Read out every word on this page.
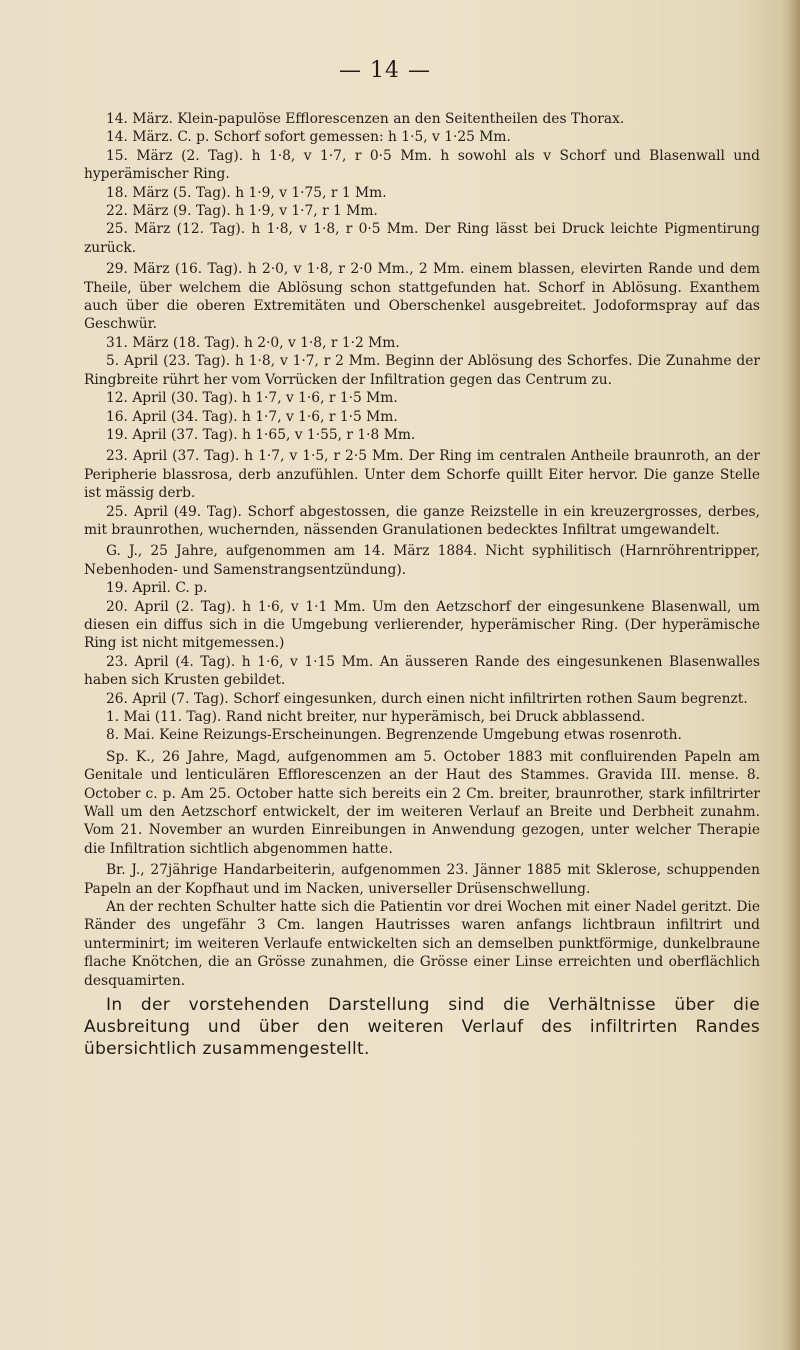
— 14 —

14. März. Klein-papulöse Efflorescenzen an den Seitentheilen des Thorax.

14. März. C. p. Schorf sofort gemessen: h 1·5, v 1·25 Mm.

15. März (2. Tag). h 1·8, v 1·7, r 0·5 Mm. h sowohl als v Schorf und Blasenwall und hyperämischer Ring.

18. März (5. Tag). h 1·9, v 1·75, r 1 Mm.

22. März (9. Tag). h 1·9, v 1·7, r 1 Mm.

25. März (12. Tag). h 1·8, v 1·8, r 0·5 Mm. Der Ring lässt bei Druck leichte Pigmentirung zurück.

29. März (16. Tag). h 2·0, v 1·8, r 2·0 Mm., 2 Mm. einem blassen, elevirten Rande und dem Theile, über welchem die Ablösung schon stattgefunden hat. Schorf in Ablösung. Exanthem auch über die oberen Extremitäten und Oberschenkel ausgebreitet. Jodoformspray auf das Geschwür.

31. März (18. Tag). h 2·0, v 1·8, r 1·2 Mm.

5. April (23. Tag). h 1·8, v 1·7, r 2 Mm. Beginn der Ablösung des Schorfes. Die Zunahme der Ringbreite rührt her vom Vorrücken der Infiltration gegen das Centrum zu.

12. April (30. Tag). h 1·7, v 1·6, r 1·5 Mm.

16. April (34. Tag). h 1·7, v 1·6, r 1·5 Mm.

19. April (37. Tag). h 1·65, v 1·55, r 1·8 Mm.

23. April (37. Tag). h 1·7, v 1·5, r 2·5 Mm. Der Ring im centralen Antheile braunroth, an der Peripherie blassrosa, derb anzufühlen. Unter dem Schorfe quillt Eiter hervor. Die ganze Stelle ist mässig derb.

25. April (49. Tag). Schorf abgestossen, die ganze Reizstelle in ein kreuzergrosses, derbes, mit braunrothen, wuchernden, nässenden Granulationen bedecktes Infiltrat umgewandelt.

G. J., 25 Jahre, aufgenommen am 14. März 1884. Nicht syphilitisch (Harnröhrentripper, Nebenhoden- und Samenstrangsentzündung).

19. April. C. p.

20. April (2. Tag). h 1·6, v 1·1 Mm. Um den Aetzschorf der eingesunkene Blasenwall, um diesen ein diffus sich in die Umgebung verlierender, hyperämischer Ring. (Der hyperämische Ring ist nicht mitgemessen.)

23. April (4. Tag). h 1·6, v 1·15 Mm. An äusseren Rande des eingesunkenen Blasenwalles haben sich Krusten gebildet.

26. April (7. Tag). Schorf eingesunken, durch einen nicht infiltrirten rothen Saum begrenzt.

1. Mai (11. Tag). Rand nicht breiter, nur hyperämisch, bei Druck abblassend.

8. Mai. Keine Reizungs-Erscheinungen. Begrenzende Umgebung etwas rosenroth.

Sp. K., 26 Jahre, Magd, aufgenommen am 5. October 1883 mit confluirenden Papeln am Genitale und lenticulären Efflorescenzen an der Haut des Stammes. Gravida III. mense. 8. October c. p. Am 25. October hatte sich bereits ein 2 Cm. breiter, braunrother, stark infiltrirter Wall um den Aetzschorf entwickelt, der im weiteren Verlauf an Breite und Derbheit zunahm. Vom 21. November an wurden Einreibungen in Anwendung gezogen, unter welcher Therapie die Infiltration sichtlich abgenommen hatte.

Br. J., 27jährige Handarbeiterin, aufgenommen 23. Jänner 1885 mit Sklerose, schuppenden Papeln an der Kopfhaut und im Nacken, universeller Drüsenschwellung.

An der rechten Schulter hatte sich die Patientin vor drei Wochen mit einer Nadel geritzt. Die Ränder des ungefähr 3 Cm. langen Hautrisses waren anfangs lichtbraun infiltrirt und unterminirt; im weiteren Verlaufe entwickelten sich an demselben punktförmige, dunkelbraune flache Knötchen, die an Grösse zunahmen, die Grösse einer Linse erreichten und oberflächlich desquamirten.

In der vorstehenden Darstellung sind die Verhältnisse über die Ausbreitung und über den weiteren Verlauf des infiltrirten Randes übersichtlich zusammengestellt.
